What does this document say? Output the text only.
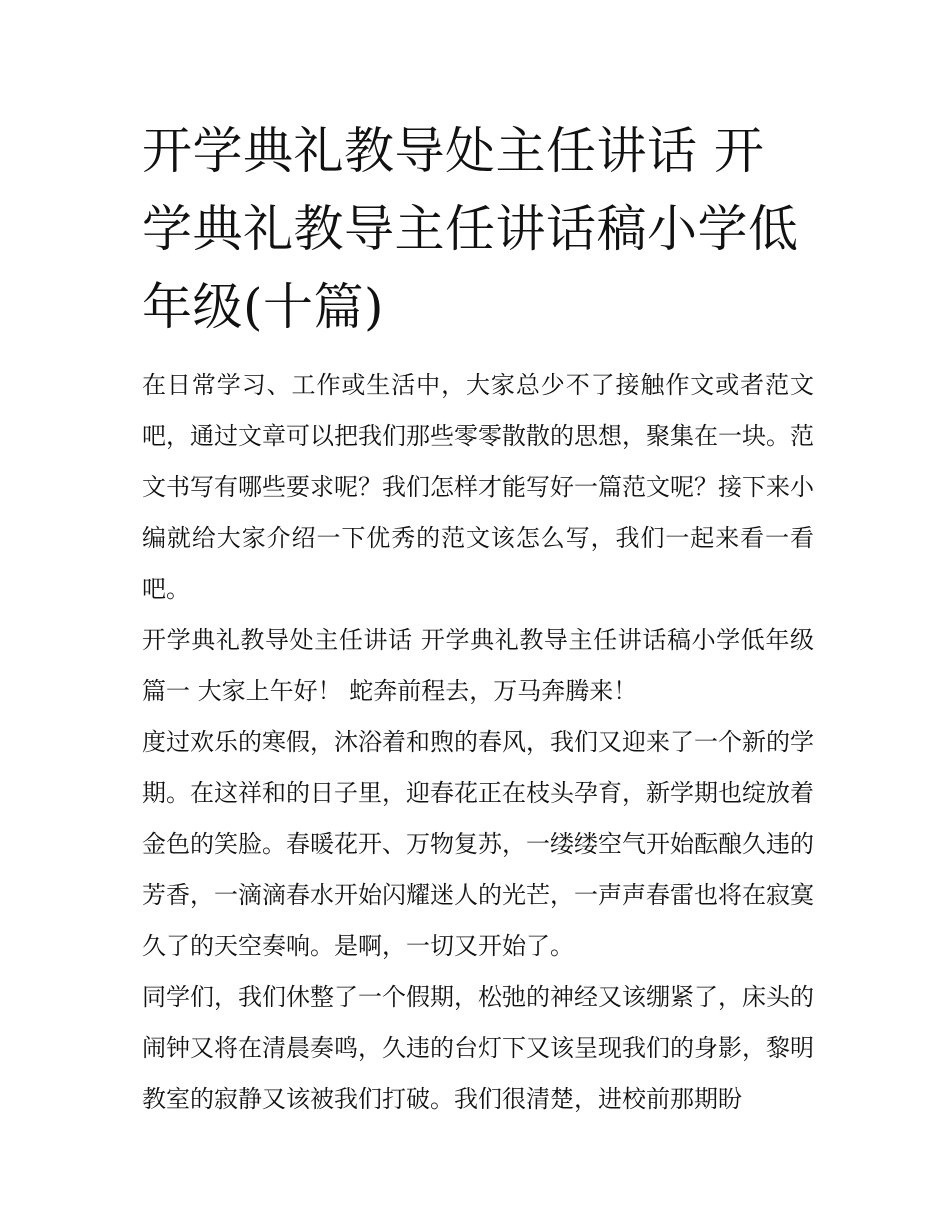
开学典礼教导处主任讲话 开学典礼教导主任讲话稿小学低年级(十篇)

在日常学习、工作或生活中，大家总少不了接触作文或者范文吧，通过文章可以把我们那些零零散散的思想，聚集在一块。范文书写有哪些要求呢？我们怎样才能写好一篇范文呢？接下来小编就给大家介绍一下优秀的范文该怎么写，我们一起来看一看吧。

开学典礼教导处主任讲话 开学典礼教导主任讲话稿小学低年级篇一 大家上午好！ 蛇奔前程去，万马奔腾来！

度过欢乐的寒假，沐浴着和煦的春风，我们又迎来了一个新的学期。在这祥和的日子里，迎春花正在枝头孕育，新学期也绽放着金色的笑脸。春暖花开、万物复苏，一缕缕空气开始酝酿久违的芳香，一滴滴春水开始闪耀迷人的光芒，一声声春雷也将在寂寞久了的天空奏响。是啊，一切又开始了。

同学们，我们休整了一个假期，松弛的神经又该绷紧了，床头的闹钟又将在清晨奏鸣，久违的台灯下又该呈现我们的身影，黎明教室的寂静又该被我们打破。我们很清楚，进校前那期盼
